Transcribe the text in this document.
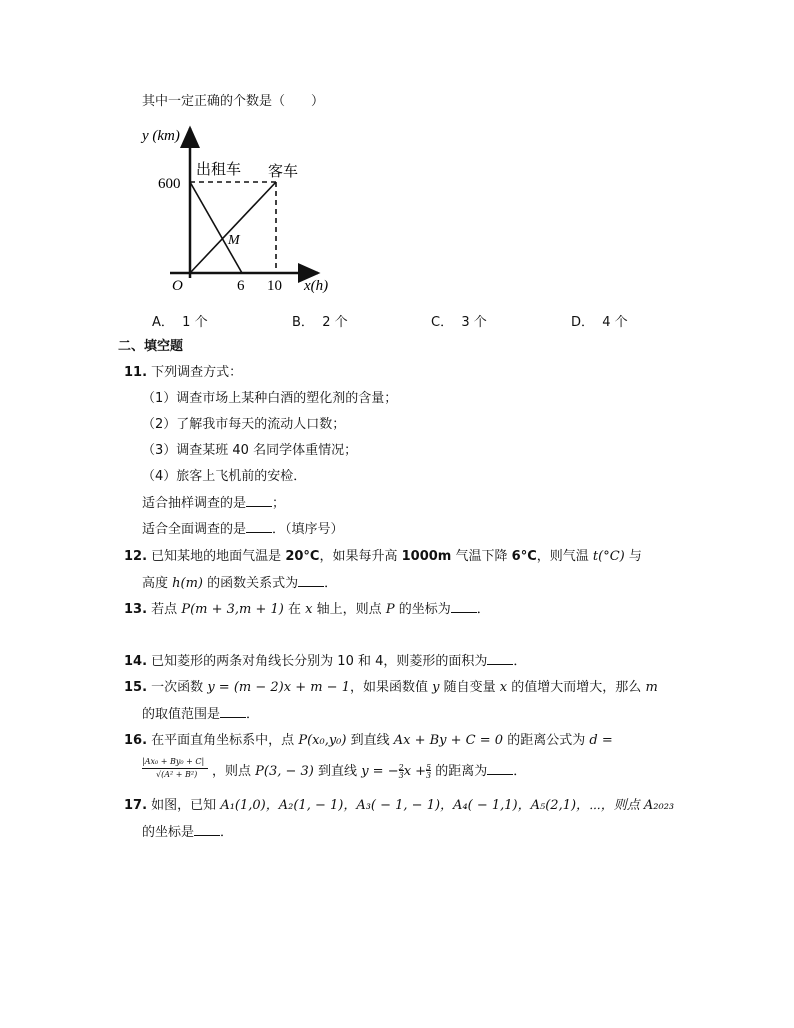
其中一定正确的个数是（　　）
y (km)
出租车 客车
600
M
O	6 10 x(h)
A． 1 个	B． 2 个	C． 3 个	D． 4 个
二、填空题
11. 下列调查方式：
（1）调查市场上某种白酒的塑化剂的含量；
（2）了解我市每天的流动人口数；
（3）调查某班 40 名同学体重情况；
（4）旅客上飞机前的安检．
适合抽样调查的是 ；
适合全面调查的是 ．（填序号）
12. 已知某地的地面气温是 20°C，如果每升高 1000m 气温下降 6°C，则气温 t(°C) 与
高度 h(m) 的函数关系式为 ．
13. 若点 P(m + 3,m + 1) 在 x 轴上，则点 P 的坐标为 ．
14. 已知菱形的两条对角线长分别为 10 和 4，则菱形的面积为 ．
15. 一次函数 y = (m − 2)x + m − 1，如果函数值 y 随自变量 x 的值增大而增大，那么 m
的取值范围是 ．
16. 在平面直角坐标系中，点 P(x₀,y₀) 到直线 Ax + By + C = 0 的距离公式为 d =
|Ax₀ + By₀ + C|
√(A² + B²) ，则点 P(3, − 3) 到直线 $y = -\frac{2}{3}x +\frac{5}{3}$ 的距离为 ．
17. 如图，已知 A₁(1,0)，A₂(1, − 1)，A₃( − 1, − 1)，A₄( − 1,1)，A₅(2,1)，⋯，则点 A₂₀₂₃
的坐标是 ．
